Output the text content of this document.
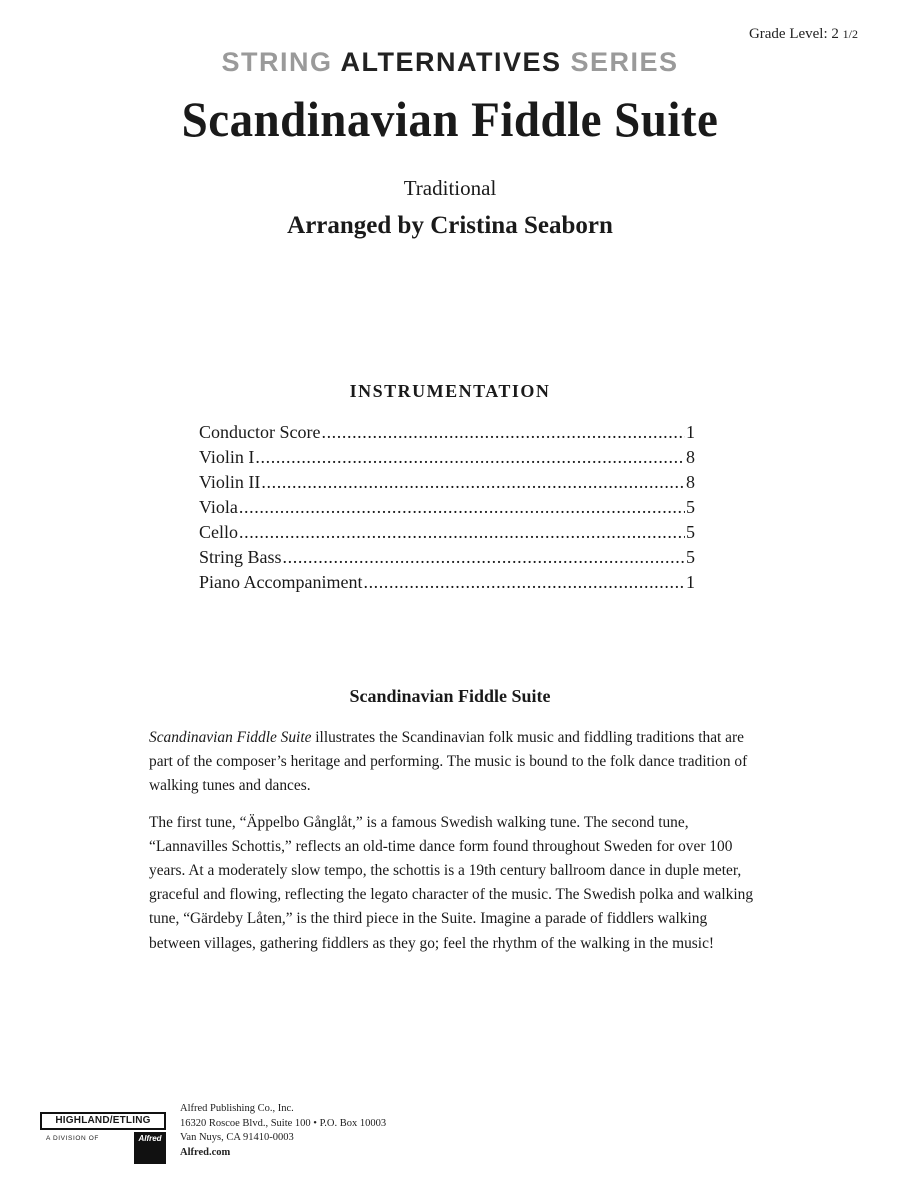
Grade Level: 2 1/2
STRING ALTERNATIVES SERIES
Scandinavian Fiddle Suite
Traditional
Arranged by Cristina Seaborn
INSTRUMENTATION
Conductor Score .....	1
Violin I .....	8
Violin II .....	8
Viola .....	5
Cello .....	5
String Bass .....	5
Piano Accompaniment .....	1
Scandinavian Fiddle Suite

Scandinavian Fiddle Suite illustrates the Scandinavian folk music and fiddling traditions that are part of the composer’s heritage and performing. The music is bound to the folk dance tradition of walking tunes and dances.

The first tune, “Äppelbo Gånglåt,” is a famous Swedish walking tune. The second tune, “Lannavilles Schottis,” reflects an old-time dance form found throughout Sweden for over 100 years. At a moderately slow tempo, the schottis is a 19th century ballroom dance in duple meter, graceful and flowing, reflecting the legato character of the music. The Swedish polka and walking tune, “Gärdeby Låten,” is the third piece in the Suite. Imagine a parade of fiddlers walking between villages, gathering fiddlers as they go; feel the rhythm of the walking in the music!

HIGHLAND/ETLING
A DIVISION OF	Alfred
Alfred Publishing Co., Inc.
16320 Roscoe Blvd., Suite 100 • P.O. Box 10003
Van Nuys, CA 91410-0003
Alfred.com
